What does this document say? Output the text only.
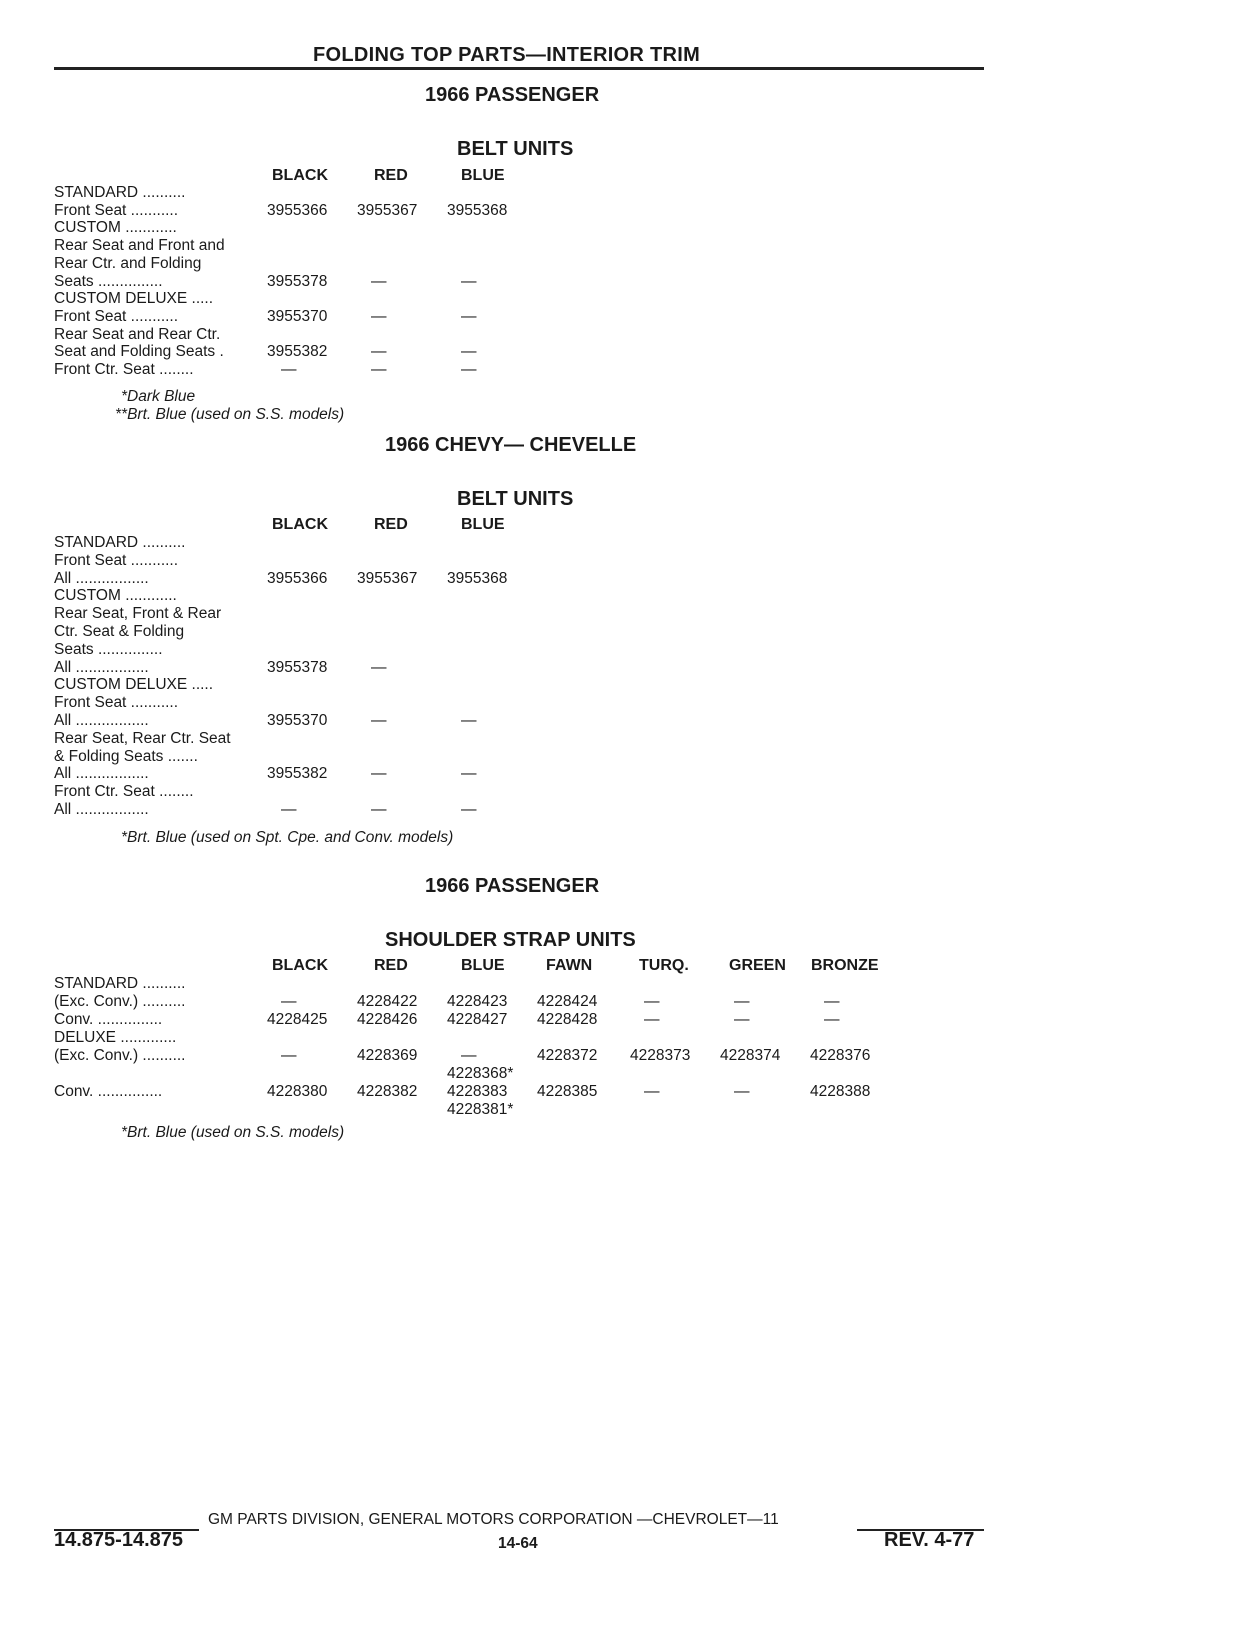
FOLDING TOP PARTS—INTERIOR TRIM
1966 PASSENGER
BELT UNITS
BLACK	RED	BLUE
STANDARD ..........
Front Seat ...........	3955366 3955367 3955368
CUSTOM ............
Rear Seat and Front and
Rear Ctr. and Folding
Seats ...............	3955378	—	—
CUSTOM DELUXE .....
Front Seat ...........	3955370	—	—
Rear Seat and Rear Ctr.
Seat and Folding Seats .	3955382	—	—
Front Ctr. Seat ........	—	—	—
*Dark Blue
**Brt. Blue (used on S.S. models)
1966 CHEVY— CHEVELLE
BELT UNITS
BLACK	RED	BLUE
STANDARD ..........
Front Seat ...........
All .................	3955366 3955367 3955368
CUSTOM ............
Rear Seat, Front & Rear
Ctr. Seat & Folding
Seats ...............
All .................	3955378	—
CUSTOM DELUXE .....
Front Seat ...........
All .................	3955370	—	—
Rear Seat, Rear Ctr. Seat
& Folding Seats .......
All .................	3955382	—	—
Front Ctr. Seat ........
All .................	—	—	—
*Brt. Blue (used on Spt. Cpe. and Conv. models)
1966 PASSENGER
SHOULDER STRAP UNITS
BLACK	RED	BLUE	FAWN	TURQ.	GREEN BRONZE
STANDARD ..........
(Exc. Conv.) ..........	—	4228422 4228423 4228424	—	—	—
Conv. ...............	4228425 4228426 4228427 4228428	—	—	—
DELUXE .............
(Exc. Conv.) ..........	—	4228369	—	4228372 4228373 4228374 4228376
4228368*
Conv. ...............	4228380 4228382 4228383 4228385	—	—	4228388
4228381*
*Brt. Blue (used on S.S. models)
GM PARTS DIVISION, GENERAL MOTORS CORPORATION —CHEVROLET—11
14.875-14.875	14-64	REV. 4-77
